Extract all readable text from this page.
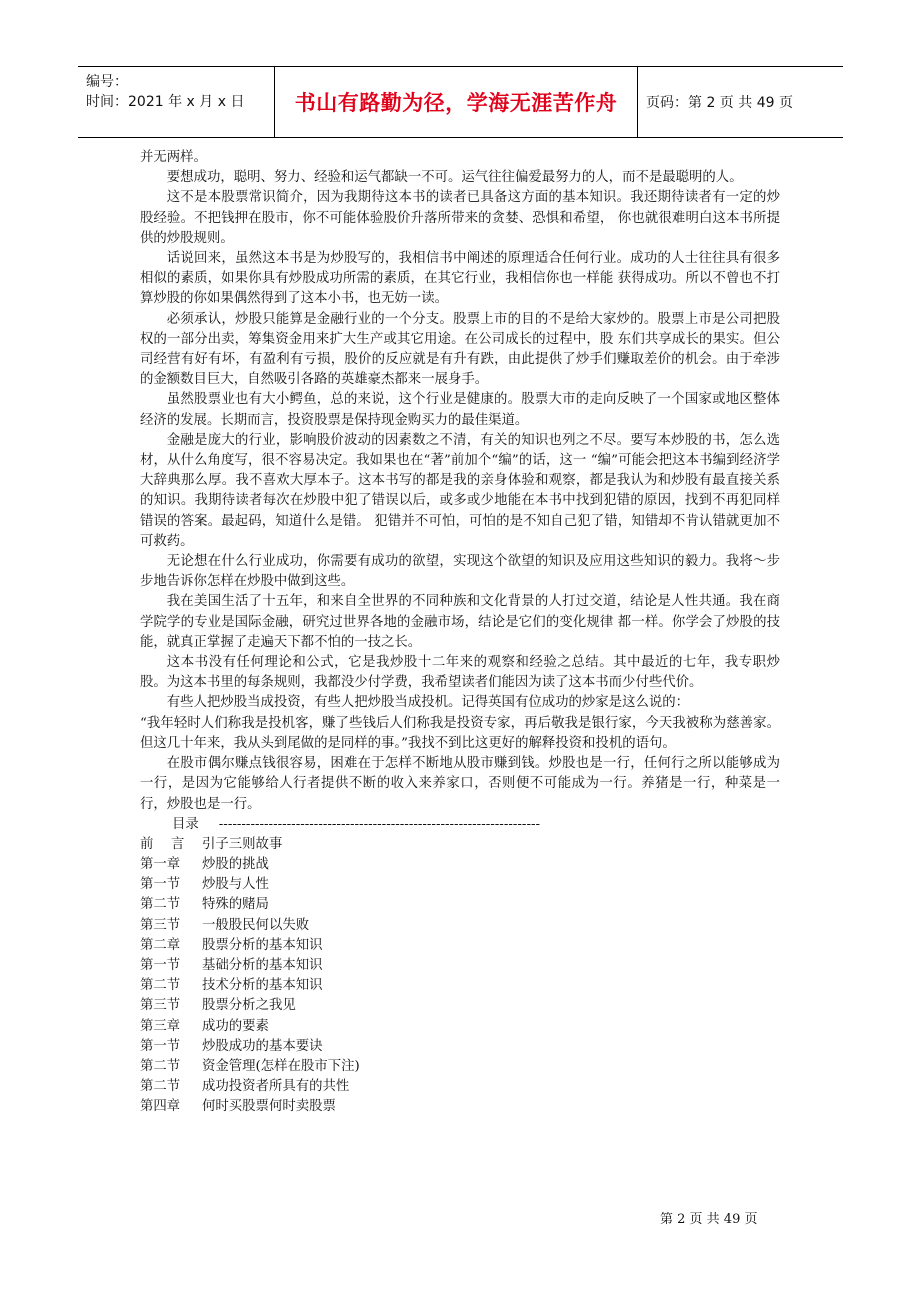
编号：
时间：2021 年 x 月 x 日 书山有路勤为径，学海无涯苦作舟 页码：第 2 页 共 49 页

并无两样。

要想成功，聪明、努力、经验和运气都缺一不可。运气往往偏爱最努力的人，而不是最聪明的人。

这不是本股票常识简介，因为我期待这本书的读者已具备这方面的基本知识。我还期待读者有一定的炒股经验。不把钱押在股市，你不可能体验股价升落所带来的贪婪、恐惧和希望， 你也就很难明白这本书所提供的炒股规则。

话说回来，虽然这本书是为炒股写的，我相信书中阐述的原理适合任何行业。成功的人士往往具有很多相似的素质，如果你具有炒股成功所需的素质，在其它行业，我相信你也一样能 获得成功。所以不曾也不打算炒股的你如果偶然得到了这本小书，也无妨一读。

必须承认，炒股只能算是金融行业的一个分支。股票上市的目的不是给大家炒的。股票上市是公司把股权的一部分出卖，筹集资金用来扩大生产或其它用途。在公司成长的过程中，股 东们共享成长的果实。但公司经营有好有坏，有盈利有亏损，股价的反应就是有升有跌，由此提供了炒手们赚取差价的机会。由于牵涉的金额数目巨大，自然吸引各路的英雄豪杰都来一展身手。

虽然股票业也有大小鳄鱼，总的来说，这个行业是健康的。股票大市的走向反映了一个国家或地区整体经济的发展。长期而言，投资股票是保持现金购买力的最佳渠道。

金融是庞大的行业，影响股价波动的因素数之不清，有关的知识也列之不尽。要写本炒股的书，怎么选材，从什么角度写，很不容易决定。我如果也在“著”前加个“编”的话，这一 “编”可能会把这本书编到经济学大辞典那么厚。我不喜欢大厚本子。这本书写的都是我的亲身体验和观察，都是我认为和炒股有最直接关系的知识。我期待读者每次在炒股中犯了错误以后，或多或少地能在本书中找到犯错的原因，找到不再犯同样错误的答案。最起码，知道什么是错。 犯错并不可怕，可怕的是不知自己犯了错，知错却不肯认错就更加不可救药。

无论想在什么行业成功，你需要有成功的欲望，实现这个欲望的知识及应用这些知识的毅力。我将～步步地告诉你怎样在炒股中做到这些。

我在美国生活了十五年，和来自全世界的不同种族和文化背景的人打过交道，结论是人性共通。我在商学院学的专业是国际金融，研究过世界各地的金融市场，结论是它们的变化规律 都一样。你学会了炒股的技能，就真正掌握了走遍天下都不怕的一技之长。

这本书没有任何理论和公式，它是我炒股十二年来的观察和经验之总结。其中最近的七年，我专职炒股。为这本书里的每条规则，我都没少付学费，我希望读者们能因为读了这本书而少付些代价。

有些人把炒股当成投资，有些人把炒股当成投机。记得英国有位成功的炒家是这么说的：

“我年轻时人们称我是投机客，赚了些钱后人们称我是投资专家，再后敬我是银行家，今天我被称为慈善家。但这几十年来，我从头到尾做的是同样的事。”我找不到比这更好的解释投资和投机的语句。

在股市偶尔赚点钱很容易，困难在于怎样不断地从股市赚到钱。炒股也是一行，任何行之所以能够成为一行，是因为它能够给人行者提供不断的收入来养家口，否则便不可能成为一行。养猪是一行，种菜是一行，炒股也是一行。

目录 -----------------------------------------------------------------------
前　 言 引子三则故事
第一章 炒股的挑战
第一节 炒股与人性
第二节 特殊的赌局
第三节 一般股民何以失败
第二章 股票分析的基本知识
第一节 基础分析的基本知识
第二节 技术分析的基本知识
第三节 股票分析之我见
第三章 成功的要素
第一节 炒股成功的基本要诀
第二节 资金管理(怎样在股市下注)
第二节 成功投资者所具有的共性
第四章 何时买股票何时卖股票
第 2 页 共 49 页
